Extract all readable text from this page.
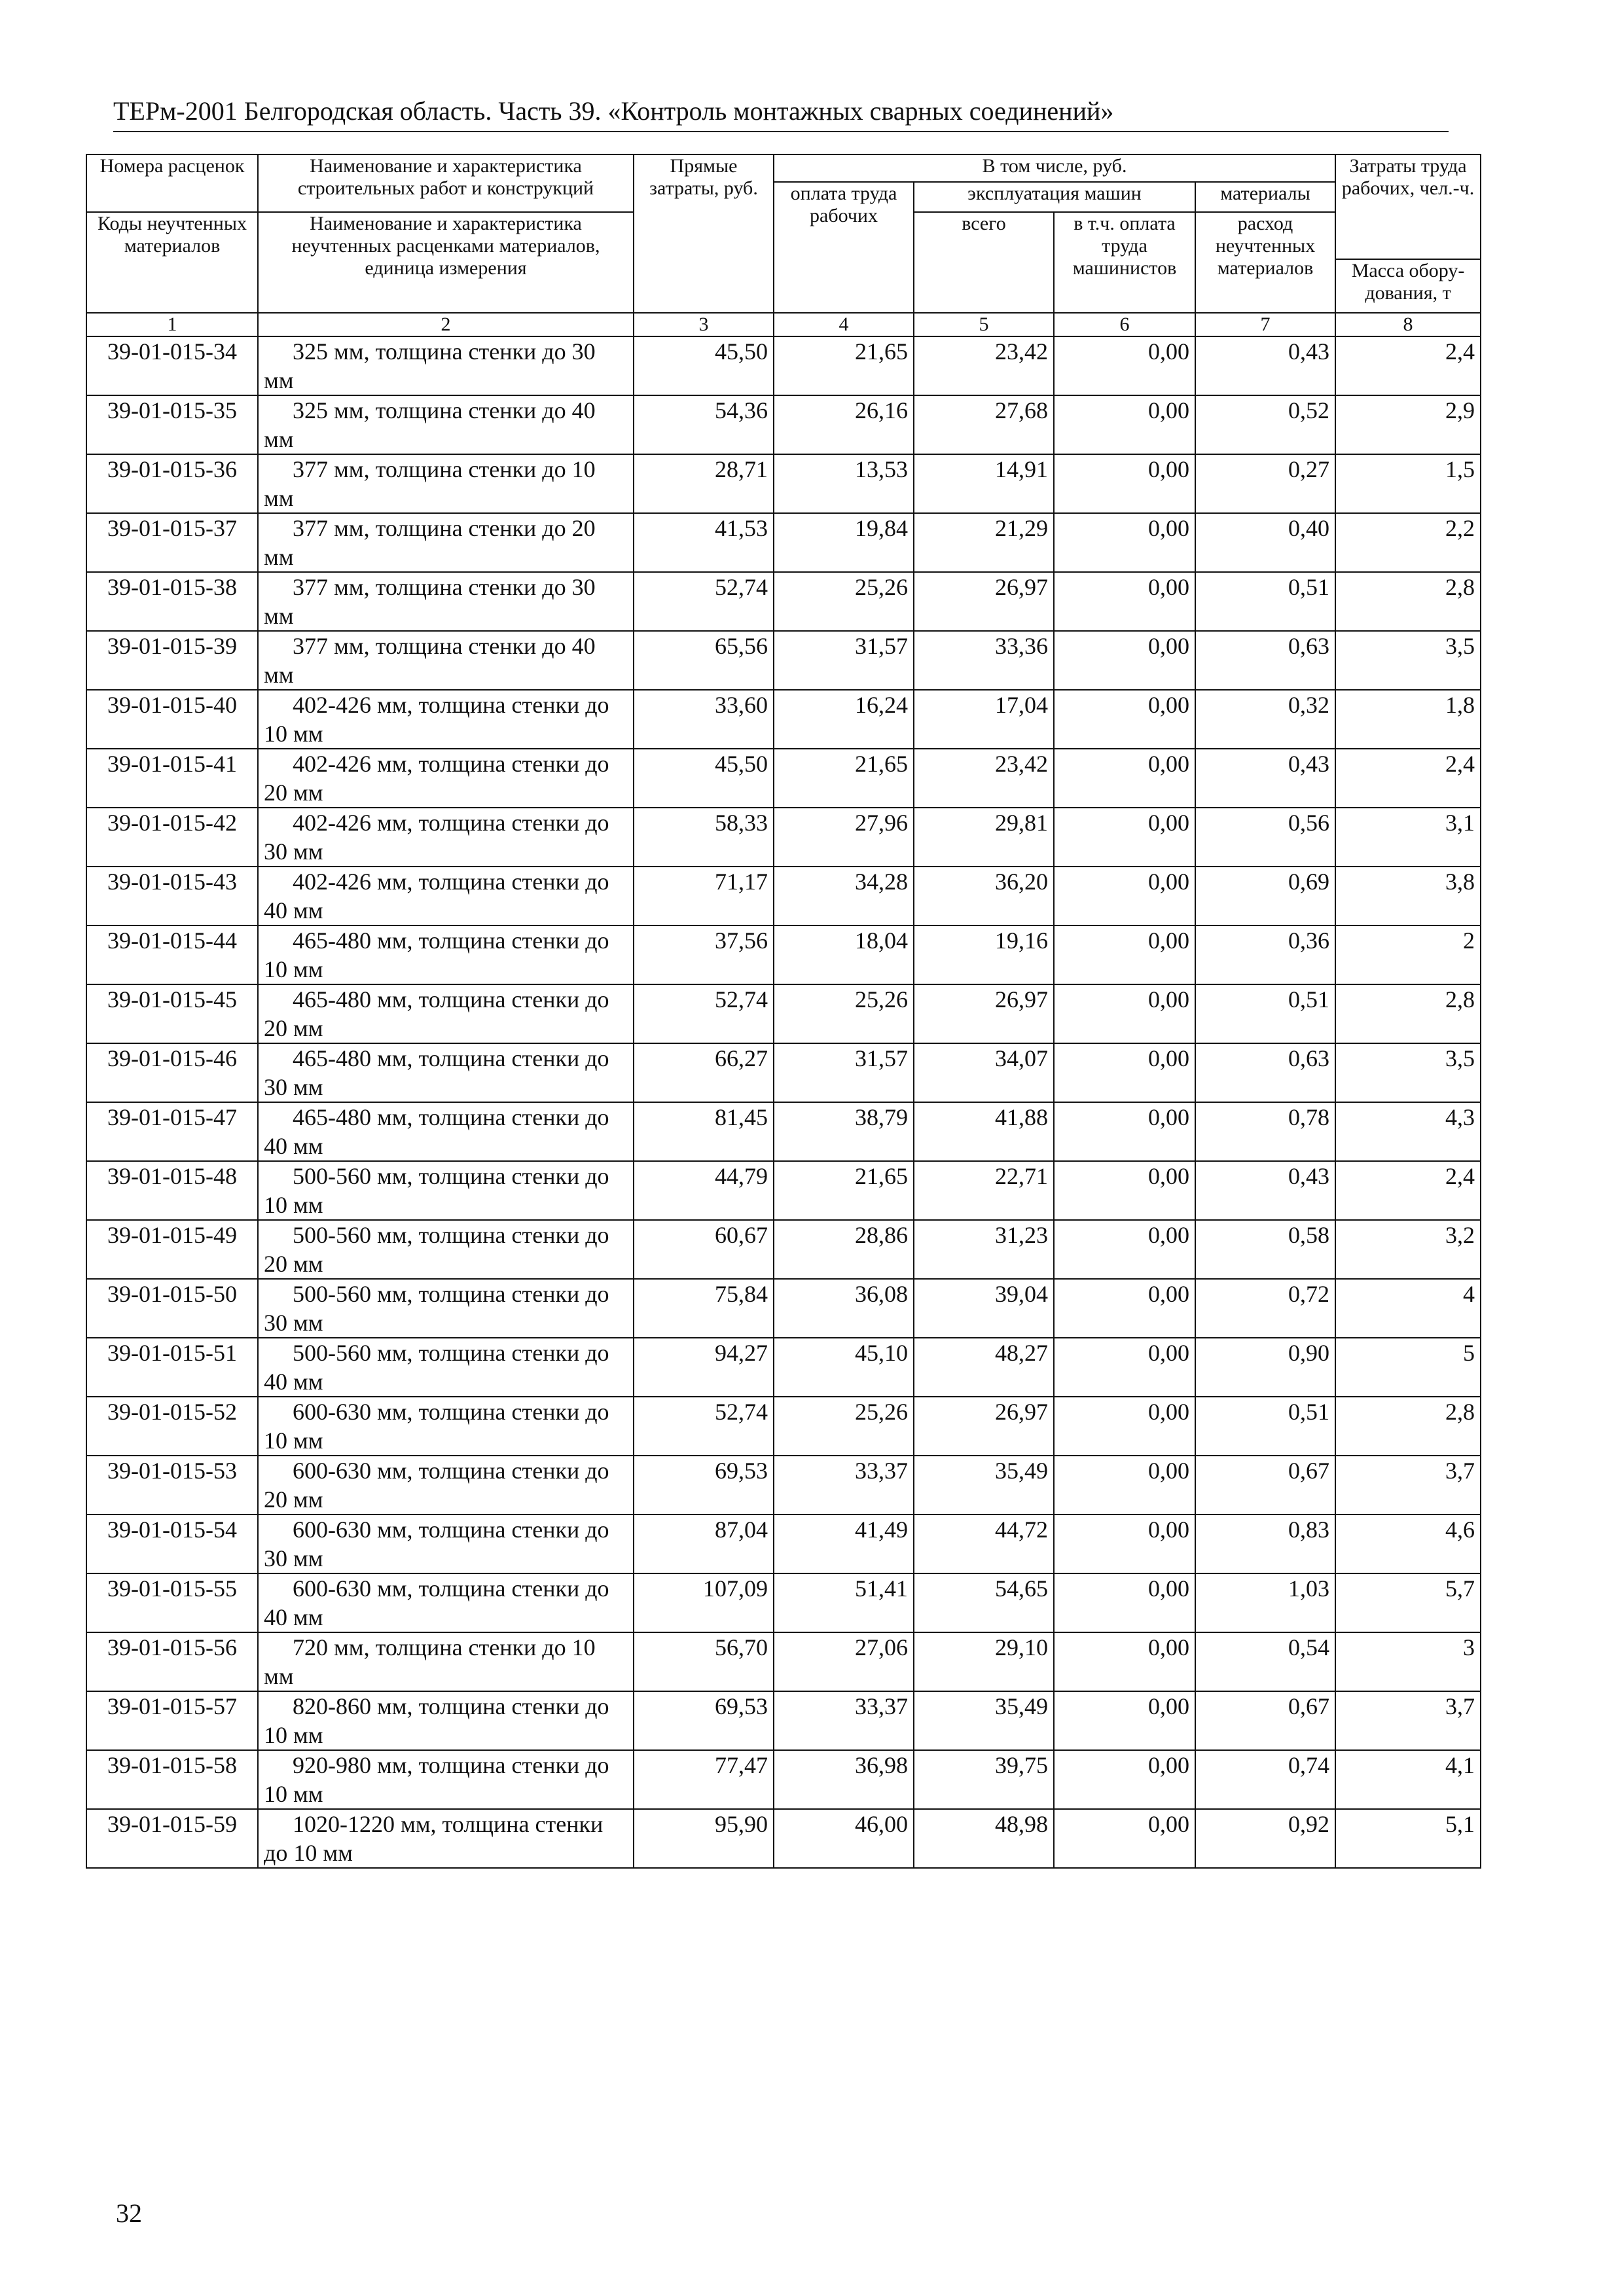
ТЕРм-2001 Белгородская область. Часть 39. «Контроль монтажных сварных соединений»
Номера расценок	Наименование и характеристика строительных работ и конструкций	Прямые затраты, руб.	В том числе, руб.				Затраты труда рабочих, чел.-ч.
			оплата труда рабочих	эксплуатация машин		материалы	
Коды неучтенных материалов	Наименование и характеристика неучтенных расценками материалов, единица измерения			всего	в т.ч. оплата труда машинистов	расход неучтенных материалов	
							Масса обору-дования, т
1	2	3	4	5	6	7	8
39-01-015-34	325 мм, толщина стенки до 30 мм	45,50	21,65	23,42	0,00	0,43	2,4
39-01-015-35	325 мм, толщина стенки до 40 мм	54,36	26,16	27,68	0,00	0,52	2,9
39-01-015-36	377 мм, толщина стенки до 10 мм	28,71	13,53	14,91	0,00	0,27	1,5
39-01-015-37	377 мм, толщина стенки до 20 мм	41,53	19,84	21,29	0,00	0,40	2,2
39-01-015-38	377 мм, толщина стенки до 30 мм	52,74	25,26	26,97	0,00	0,51	2,8
39-01-015-39	377 мм, толщина стенки до 40 мм	65,56	31,57	33,36	0,00	0,63	3,5
39-01-015-40	402-426 мм, толщина стенки до 10 мм	33,60	16,24	17,04	0,00	0,32	1,8
39-01-015-41	402-426 мм, толщина стенки до 20 мм	45,50	21,65	23,42	0,00	0,43	2,4
39-01-015-42	402-426 мм, толщина стенки до 30 мм	58,33	27,96	29,81	0,00	0,56	3,1
39-01-015-43	402-426 мм, толщина стенки до 40 мм	71,17	34,28	36,20	0,00	0,69	3,8
39-01-015-44	465-480 мм, толщина стенки до 10 мм	37,56	18,04	19,16	0,00	0,36	2
39-01-015-45	465-480 мм, толщина стенки до 20 мм	52,74	25,26	26,97	0,00	0,51	2,8
39-01-015-46	465-480 мм, толщина стенки до 30 мм	66,27	31,57	34,07	0,00	0,63	3,5
39-01-015-47	465-480 мм, толщина стенки до 40 мм	81,45	38,79	41,88	0,00	0,78	4,3
39-01-015-48	500-560 мм, толщина стенки до 10 мм	44,79	21,65	22,71	0,00	0,43	2,4
39-01-015-49	500-560 мм, толщина стенки до 20 мм	60,67	28,86	31,23	0,00	0,58	3,2
39-01-015-50	500-560 мм, толщина стенки до 30 мм	75,84	36,08	39,04	0,00	0,72	4
39-01-015-51	500-560 мм, толщина стенки до 40 мм	94,27	45,10	48,27	0,00	0,90	5
39-01-015-52	600-630 мм, толщина стенки до 10 мм	52,74	25,26	26,97	0,00	0,51	2,8
39-01-015-53	600-630 мм, толщина стенки до 20 мм	69,53	33,37	35,49	0,00	0,67	3,7
39-01-015-54	600-630 мм, толщина стенки до 30 мм	87,04	41,49	44,72	0,00	0,83	4,6
39-01-015-55	600-630 мм, толщина стенки до 40 мм	107,09	51,41	54,65	0,00	1,03	5,7
39-01-015-56	720 мм, толщина стенки до 10 мм	56,70	27,06	29,10	0,00	0,54	3
39-01-015-57	820-860 мм, толщина стенки до 10 мм	69,53	33,37	35,49	0,00	0,67	3,7
39-01-015-58	920-980 мм, толщина стенки до 10 мм	77,47	36,98	39,75	0,00	0,74	4,1
39-01-015-59	1020-1220 мм, толщина стенки до 10 мм	95,90	46,00	48,98	0,00	0,92	5,1
32
